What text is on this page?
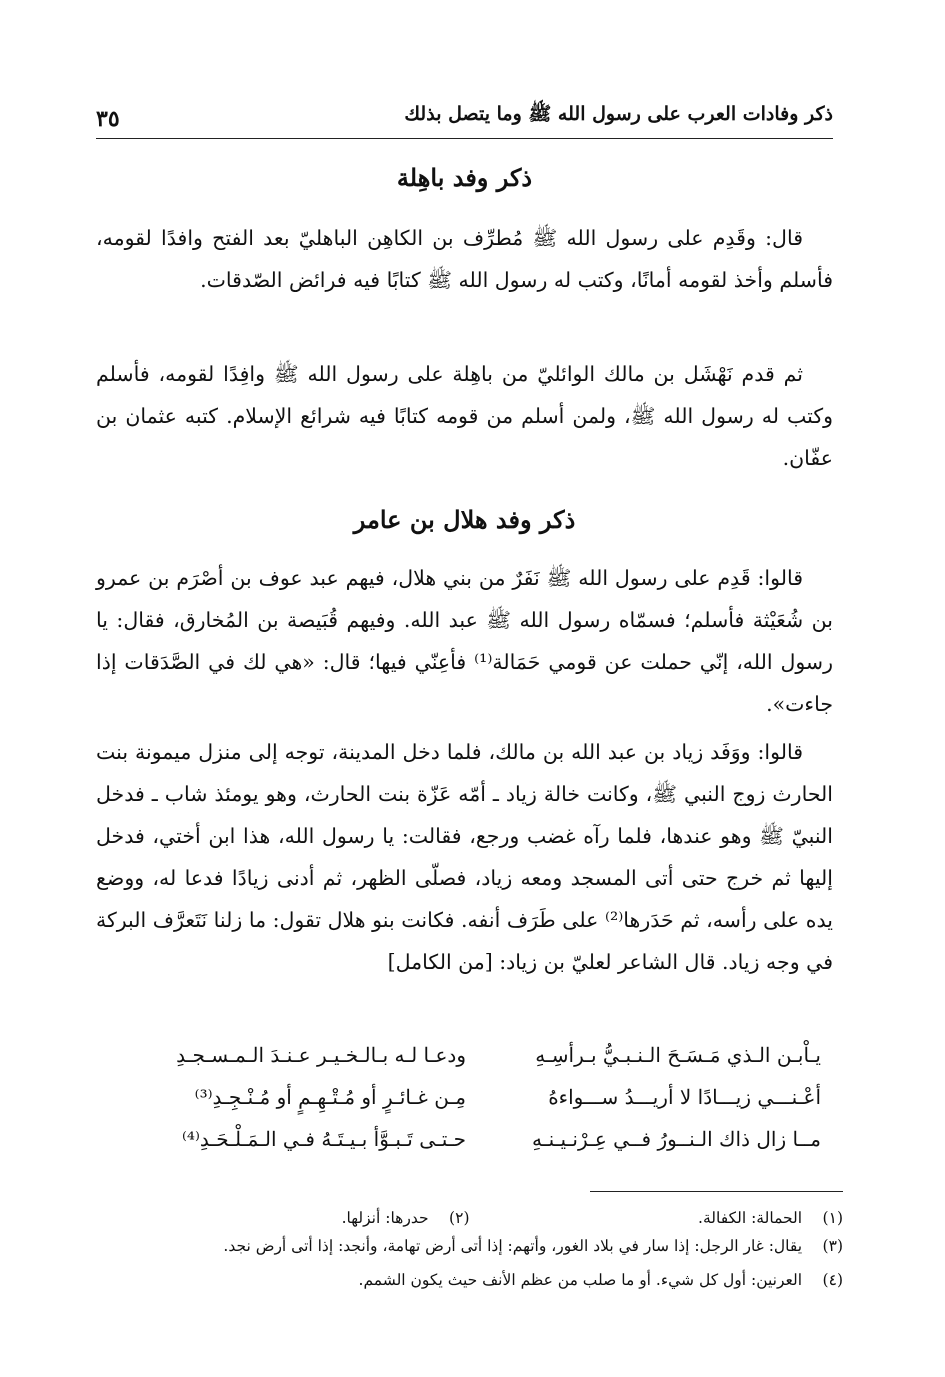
ذكر وفادات العرب على رسول الله ﷺ وما يتصل بذلك
٣٥
ذكر وفد باهِلة

قال: وقَدِم على رسول الله ﷺ مُطرِّف بن الكاهِن الباهليّ بعد الفتح وافدًا لقومه، فأسلم وأخذ لقومه أمانًا، وكتب له رسول الله ﷺ كتابًا فيه فرائض الصّدقات.

ثم قدم نَهْشَل بن مالك الوائليّ من باهِلة على رسول الله ﷺ وافِدًا لقومه، فأسلم وكتب له رسول الله ﷺ، ولمن أسلم من قومه كتابًا فيه شرائع الإسلام. كتبه عثمان بن عفّان.

ذكر وفد هلال بن عامر

قالوا: قَدِم على رسول الله ﷺ نَفَرٌ من بني هلال، فيهم عبد عوف بن أصْرَم بن عمرو بن شُعَيْثة فأسلم؛ فسمّاه رسول الله ﷺ عبد الله. وفيهم قُبَيصة بن المُخارق، فقال: يا رسول الله، إنّي حملت عن قومي حَمَالة⁽¹⁾ فأعِنّي فيها؛ قال: «هي لك في الصَّدَقات إذا جاءت».

قالوا: ووَفَد زياد بن عبد الله بن مالك، فلما دخل المدينة، توجه إلى منزل ميمونة بنت الحارث زوج النبي ﷺ، وكانت خالة زياد ـ أمّه عَزّة بنت الحارث، وهو يومئذ شاب ـ فدخل النبيّ ﷺ وهو عندها، فلما رآه غضب ورجع، فقالت: يا رسول الله، هذا ابن أختي، فدخل إليها ثم خرج حتى أتى المسجد ومعه زياد، فصلّى الظهر، ثم أدنى زيادًا فدعا له، ووضع يده على رأسه، ثم حَدَرها⁽²⁾ على طَرَف أنفه. فكانت بنو هلال تقول: ما زلنا نَتَعرَّف البركة في وجه زياد. قال الشاعر لعليّ بن زياد: [من الكامل]

يـاْبـن الـذي مَـسَـحَ الـنـبـيُّ بـرأسِـهِ
ودعـا لـه بـالـخـيـر عـنـدَ الـمـسـجـدِ
أعْـنـــي زيـــادًا لا أريـــدُ ســـواءهُ
مِـن غـائـرٍ أو مُـتْـهِـمٍ أو مُـنْـجِـدِ⁽³⁾
مــا زال ذاك الـنــورُ فــي عِـرْنـيـنـهِ
حـتـى تَـبـوَّأ بـيـتَـهُ فـي الـمَـلْـحَـدِ⁽⁴⁾
(١) الحمالة: الكفالة.
(٢) حدرها: أنزلها.
(٣) يقال: غار الرجل: إذا سار في بلاد الغور، وأتهم: إذا أتى أرض تهامة، وأنجد: إذا أتى أرض نجد.
(٤) العرنين: أول كل شيء. أو ما صلب من عظم الأنف حيث يكون الشمم.
